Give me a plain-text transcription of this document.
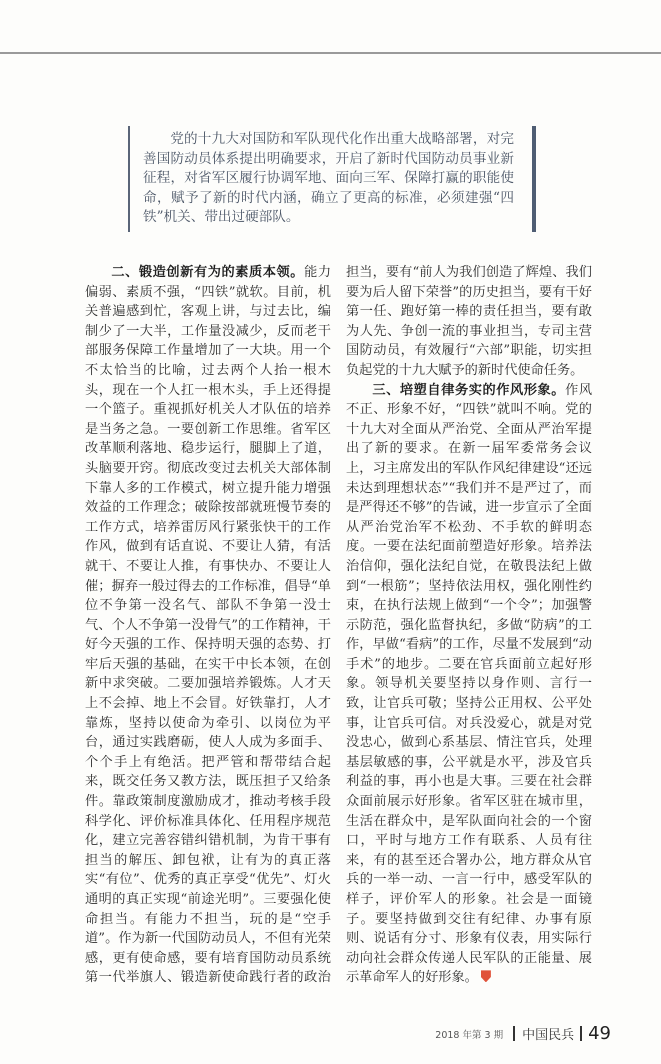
党的十九大对国防和军队现代化作出重大战略部署，对完善国防动员体系提出明确要求，开启了新时代国防动员事业新征程，对省军区履行协调军地、面向三军、保障打赢的职能使命，赋予了新的时代内涵，确立了更高的标准，必须建强“四铁”机关、带出过硬部队。

二、锻造创新有为的素质本领。能力偏弱、素质不强，“四铁”就软。目前，机关普遍感到忙，客观上讲，与过去比，编制少了一大半，工作量没减少，反而老干部服务保障工作量增加了一大块。用一个不太恰当的比喻，过去两个人抬一根木头，现在一个人扛一根木头，手上还得提一个篮子。重视抓好机关人才队伍的培养是当务之急。一要创新工作思维。省军区改革顺利落地、稳步运行，腿脚上了道，头脑要开窍。彻底改变过去机关大部体制下靠人多的工作模式，树立提升能力增强效益的工作理念；破除按部就班慢节奏的工作方式，培养雷厉风行紧张快干的工作作风，做到有话直说、不要让人猜，有活就干、不要让人推，有事快办、不要让人催；摒弃一般过得去的工作标准，倡导“单位不争第一没名气、部队不争第一没士气、个人不争第一没骨气”的工作精神，干好今天强的工作、保持明天强的态势、打牢后天强的基础，在实干中长本领，在创新中求突破。二要加强培养锻炼。人才天上不会掉、地上不会冒。好铁靠打，人才靠炼，坚持以使命为牵引、以岗位为平台，通过实践磨砺，使人人成为多面手、个个手上有绝活。把严管和帮带结合起来，既交任务又教方法，既压担子又给条件。靠政策制度激励成才，推动考核手段科学化、评价标准具体化、任用程序规范化，建立完善容错纠错机制，为肯干事有担当的解压、卸包袱，让有为的真正落实“有位”、优秀的真正享受“优先”、灯火通明的真正实现“前途光明”。三要强化使命担当。有能力不担当，玩的是“空手道”。作为新一代国防动员人，不但有光荣感，更有使命感，要有培育国防动员系统第一代举旗人、锻造新使命践行者的政治担当，要有“前人为我们创造了辉煌、我们要为后人留下荣誉”的历史担当，要有干好第一任、跑好第一棒的责任担当，要有敢为人先、争创一流的事业担当，专司主营国防动员，有效履行“六部”职能，切实担负起党的十九大赋予的新时代使命任务。

三、培塑自律务实的作风形象。作风不正、形象不好，“四铁”就叫不响。党的十九大对全面从严治党、全面从严治军提出了新的要求。在新一届军委常务会议上，习主席发出的军队作风纪律建设“还远未达到理想状态”“我们并不是严过了，而是严得还不够”的告诫，进一步宣示了全面从严治党治军不松劲、不手软的鲜明态度。一要在法纪面前塑造好形象。培养法治信仰，强化法纪自觉，在敬畏法纪上做到“一根筋”；坚持依法用权，强化刚性约束，在执行法规上做到“一个令”；加强警示防范，强化监督执纪，多做“防病”的工作，早做“看病”的工作，尽量不发展到“动手术”的地步。二要在官兵面前立起好形象。领导机关要坚持以身作则、言行一致，让官兵可敬；坚持公正用权、公平处事，让官兵可信。对兵没爱心，就是对党没忠心，做到心系基层、情注官兵，处理基层敏感的事，公平就是水平，涉及官兵利益的事，再小也是大事。三要在社会群众面前展示好形象。省军区驻在城市里，生活在群众中，是军队面向社会的一个窗口，平时与地方工作有联系、人员有往来，有的甚至还合署办公，地方群众从官兵的一举一动、一言一行中，感受军队的样子，评价军人的形象。社会是一面镜子。要坚持做到交往有纪律、办事有原则、说话有分寸、形象有仪表，用实际行动向社会群众传递人民军队的正能量、展示革命军人的好形象。

2018 年第 3 期 中国民兵 49
